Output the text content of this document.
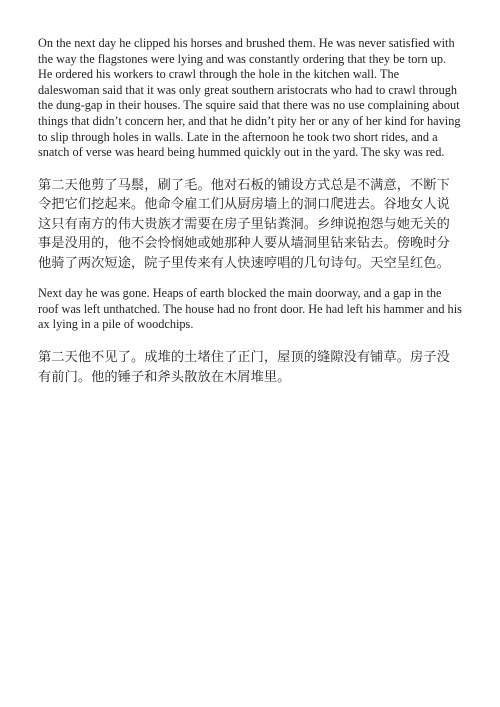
On the next day he clipped his horses and brushed them. He was never satisfied with the way the flagstones were lying and was constantly ordering that they be torn up. He ordered his workers to crawl through the hole in the kitchen wall. The daleswoman said that it was only great southern aristocrats who had to crawl through the dung-gap in their houses. The squire said that there was no use complaining about things that didn’t concern her, and that he didn’t pity her or any of her kind for having to slip through holes in walls. Late in the afternoon he took two short rides, and a snatch of verse was heard being hummed quickly out in the yard. The sky was red.

第二天他剪了马鬃，刷了毛。他对石板的铺设方式总是不满意，不断下令把它们挖起来。他命令雇工们从厨房墙上的洞口爬进去。谷地女人说这只有南方的伟大贵族才需要在房子里钻粪洞。乡绅说抱怨与她无关的事是没用的，他不会怜悯她或她那种人要从墙洞里钻来钻去。傍晚时分他骑了两次短途，院子里传来有人快速哼唱的几句诗句。天空呈红色。

Next day he was gone. Heaps of earth blocked the main doorway, and a gap in the roof was left unthatched. The house had no front door. He had left his hammer and his ax lying in a pile of woodchips.

第二天他不见了。成堆的土堵住了正门，屋顶的缝隙没有铺草。房子没有前门。他的锤子和斧头散放在木屑堆里。
